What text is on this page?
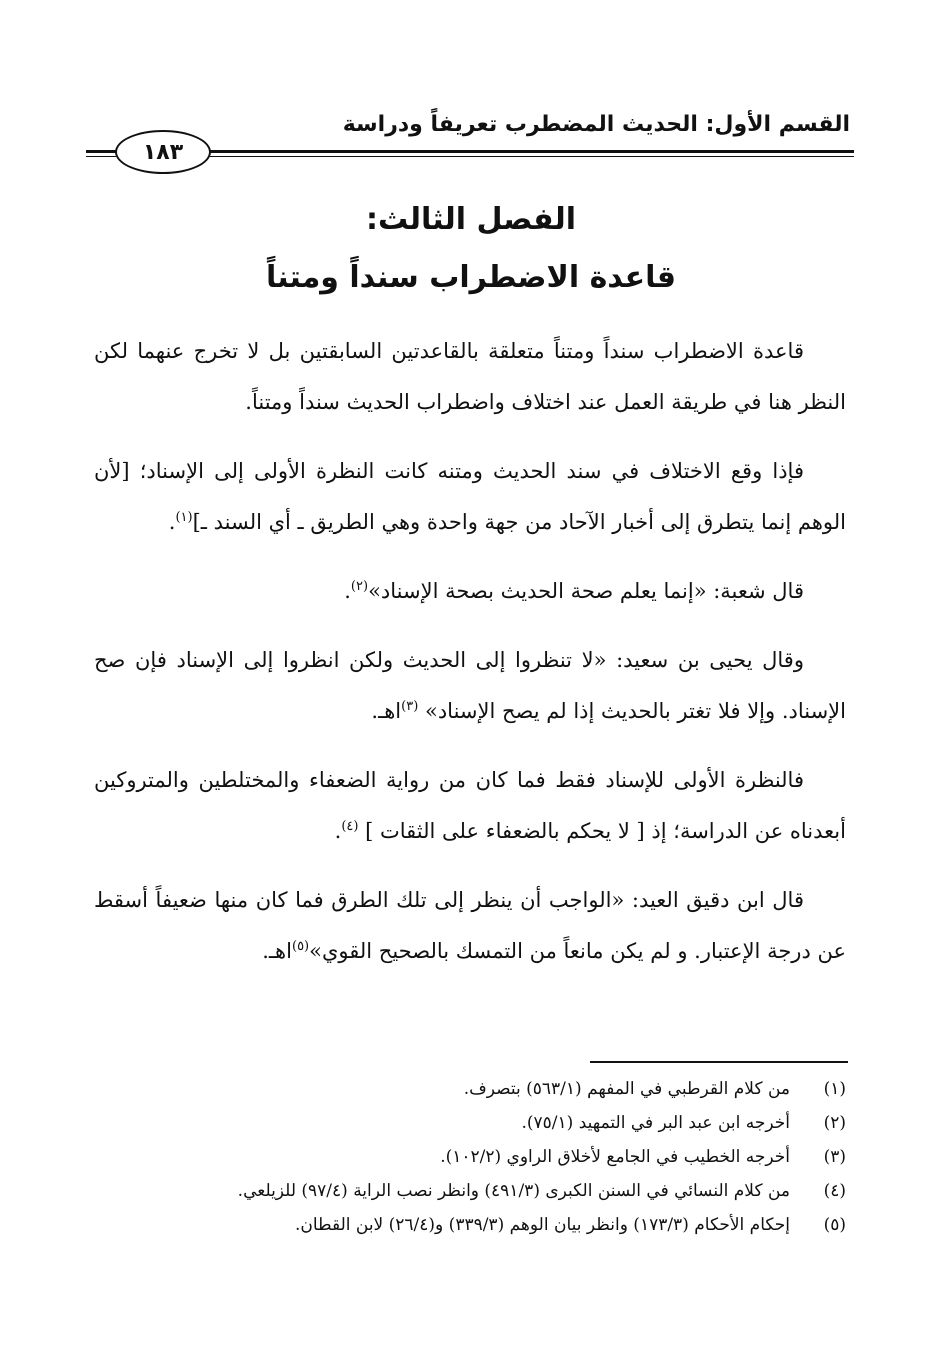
القسم الأول: الحديث المضطرب تعريفاً ودراسة
١٨٣
الفصل الثالث:
قاعدة الاضطراب سنداً ومتناً

قاعدة الاضطراب سنداً ومتناً متعلقة بالقاعدتين السابقتين بل لا تخرج عنهما لكن النظر هنا في طريقة العمل عند اختلاف واضطراب الحديث سنداً ومتناً.

فإذا وقع الاختلاف في سند الحديث ومتنه كانت النظرة الأولى إلى الإسناد؛ [لأن الوهم إنما يتطرق إلى أخبار الآحاد من جهة واحدة وهي الطريق ـ أي السند ـ]$^{(١)}$.

قال شعبة: «إنما يعلم صحة الحديث بصحة الإسناد»$^{(٢)}$.

وقال يحيى بن سعيد: «لا تنظروا إلى الحديث ولكن انظروا إلى الإسناد فإن صح الإسناد. وإلا فلا تغتر بالحديث إذا لم يصح الإسناد» $^{(٣)}$اهـ.

فالنظرة الأولى للإسناد فقط فما كان من رواية الضعفاء والمختلطين والمتروكين أبعدناه عن الدراسة؛ إذ [ لا يحكم بالضعفاء على الثقات ] $^{(٤)}$.

قال ابن دقيق العيد: «الواجب أن ينظر إلى تلك الطرق فما كان منها ضعيفاً أسقط عن درجة الإعتبار. و لم يكن مانعاً من التمسك بالصحيح القوي»$^{(٥)}$اهـ.

(١)
من كلام القرطبي في المفهم (٥٦٣/١) بتصرف.
(٢)
أخرجه ابن عبد البر في التمهيد (٧٥/١).
(٣)
أخرجه الخطيب في الجامع لأخلاق الراوي (١٠٢/٢).
(٤)
من كلام النسائي في السنن الكبرى (٤٩١/٣) وانظر نصب الراية (٩٧/٤) للزيلعي.
(٥)
إحكام الأحكام (١٧٣/٣) وانظر بيان الوهم (٣٣٩/٣) و(٢٦/٤) لابن القطان.
